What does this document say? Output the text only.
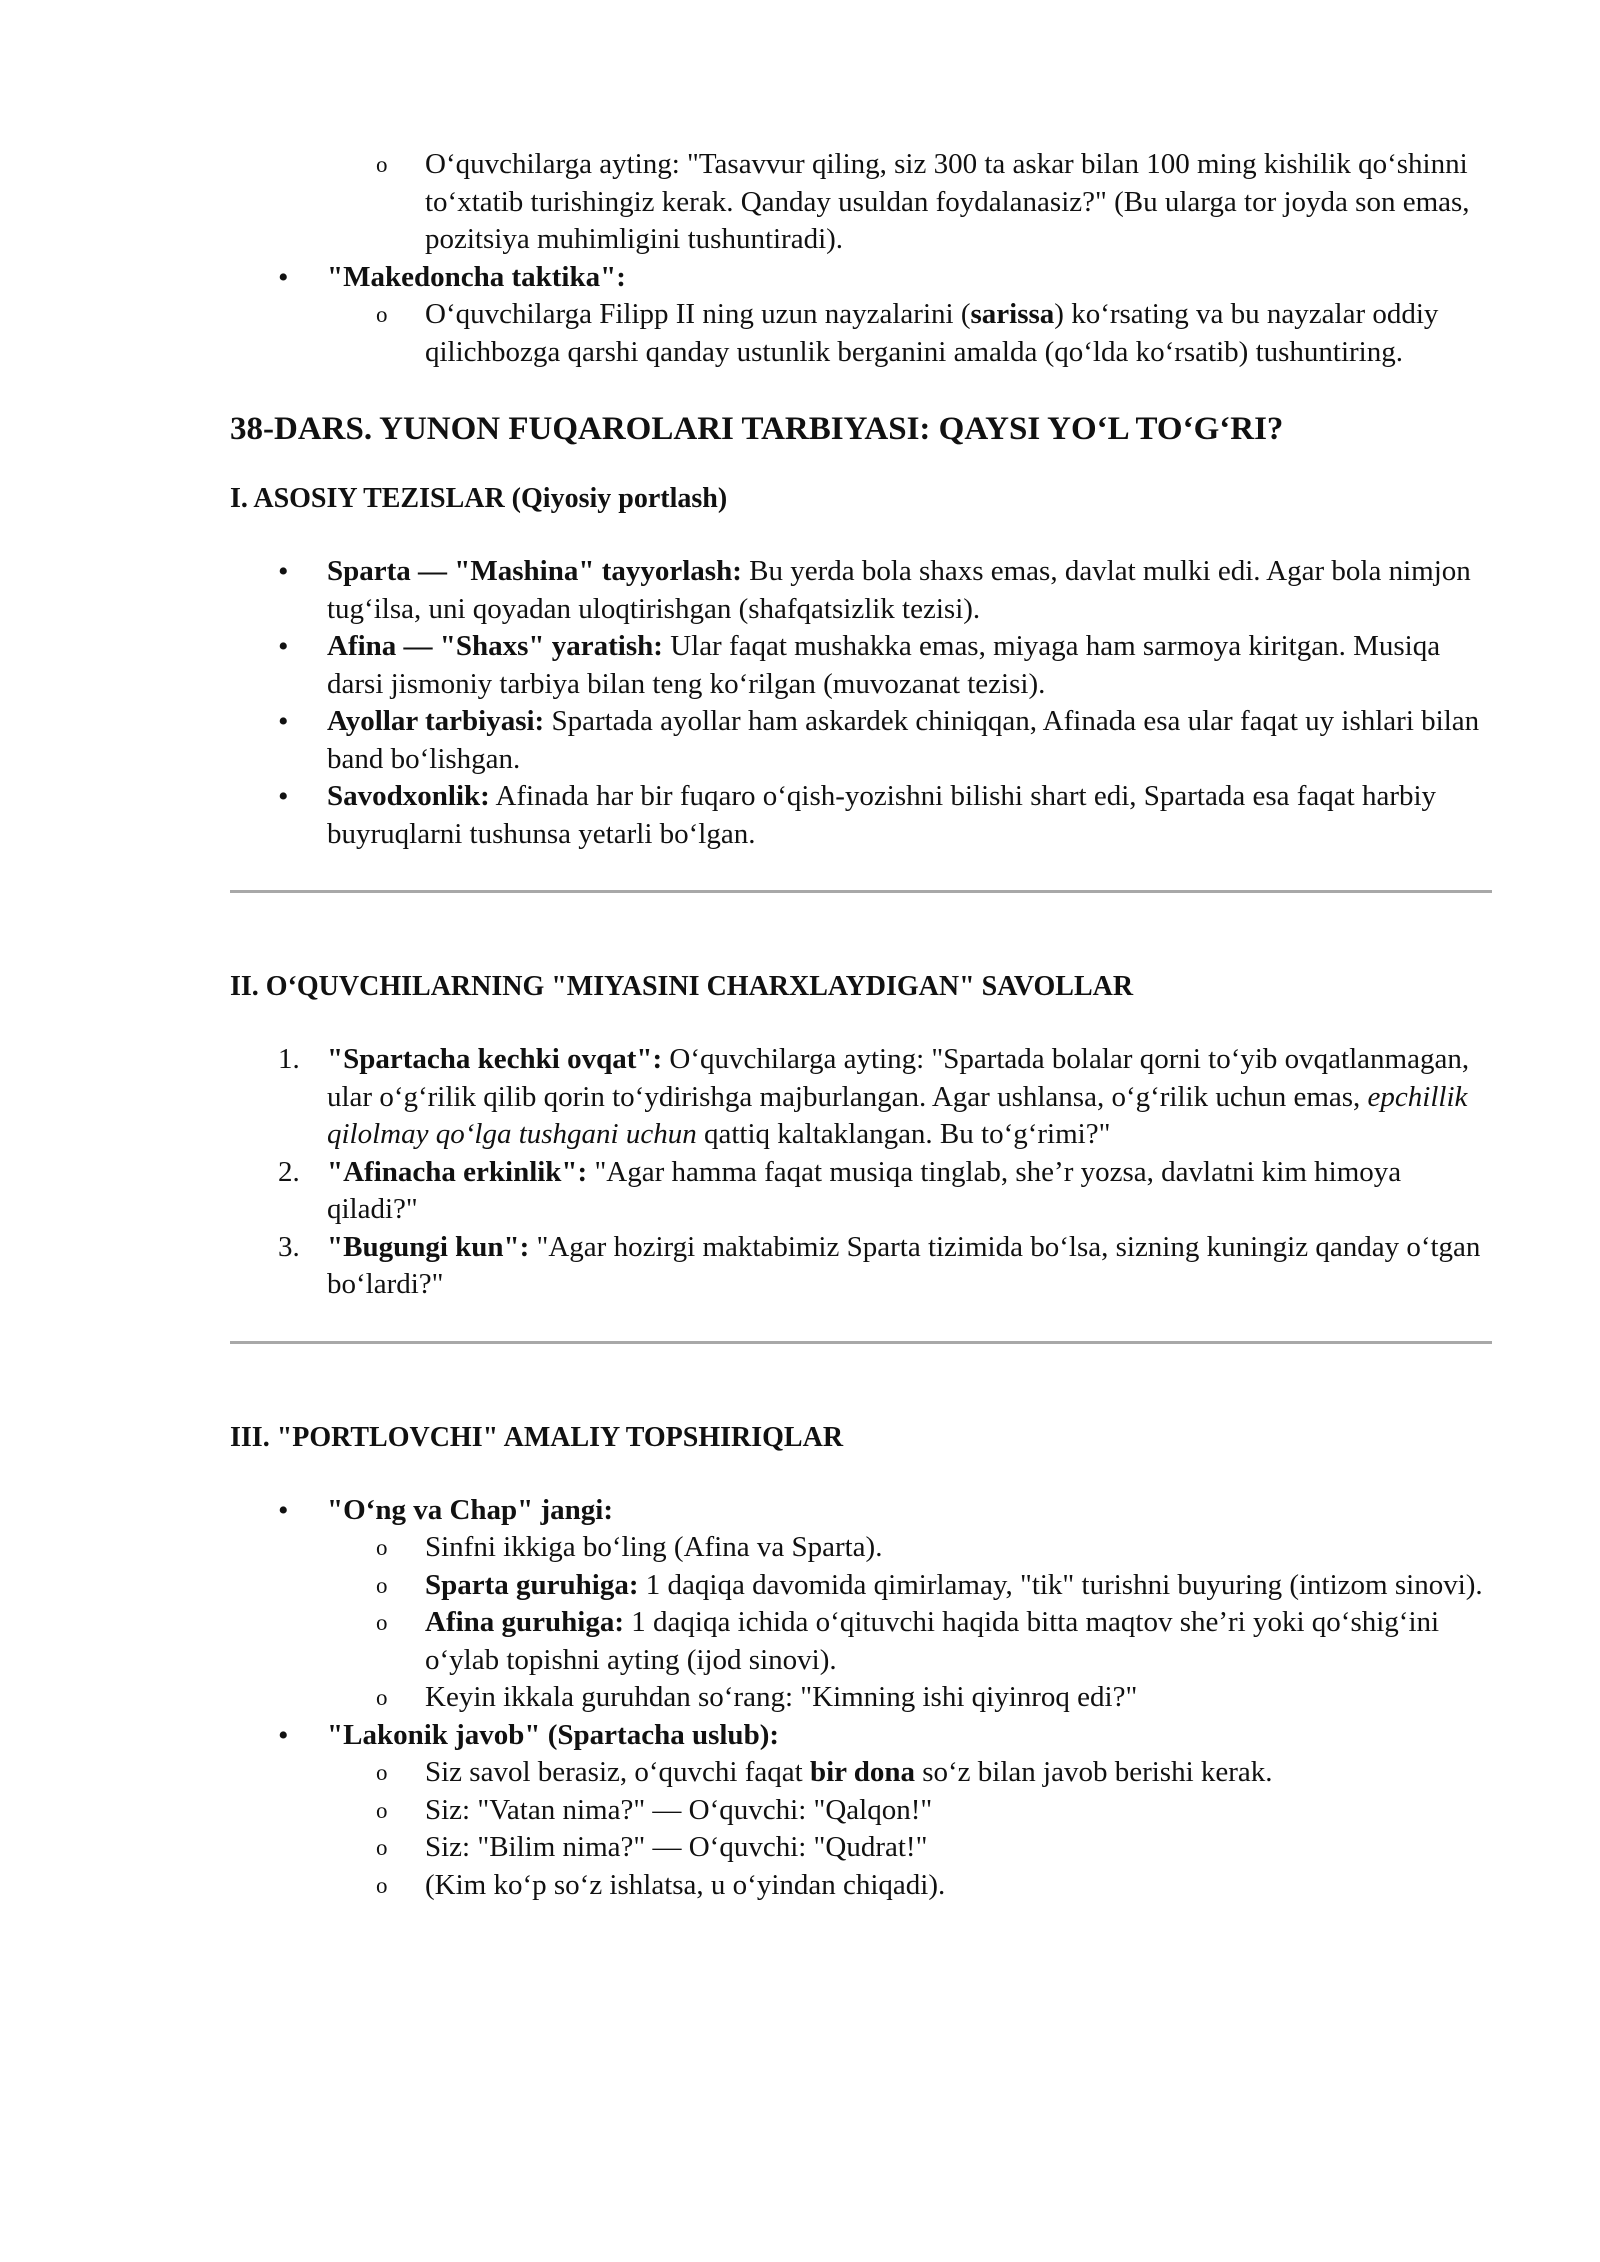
o O‘quvchilarga ayting: "Tasavvur qiling, siz 300 ta askar bilan 100 ming kishilik qo‘shinni to‘xtatib turishingiz kerak. Qanday usuldan foydalanasiz?" (Bu ularga tor joyda son emas, pozitsiya muhimligini tushuntiradi).
• "Makedoncha taktika":
o O‘quvchilarga Filipp II ning uzun nayzalarini (sarissa) ko‘rsating va bu nayzalar oddiy qilichbozga qarshi qanday ustunlik berganini amalda (qo‘lda ko‘rsatib) tushuntiring.
38-DARS. YUNON FUQAROLARI TARBIYASI: QAYSI YO‘L TO‘G‘RI?
I. ASOSIY TEZISLAR (Qiyosiy portlash)
• Sparta — "Mashina" tayyorlash: Bu yerda bola shaxs emas, davlat mulki edi. Agar bola nimjon tug‘ilsa, uni qoyadan uloqtirishgan (shafqatsizlik tezisi).
• Afina — "Shaxs" yaratish: Ular faqat mushakka emas, miyaga ham sarmoya kiritgan. Musiqa darsi jismoniy tarbiya bilan teng ko‘rilgan (muvozanat tezisi).
• Ayollar tarbiyasi: Spartada ayollar ham askardek chiniqqan, Afinada esa ular faqat uy ishlari bilan band bo‘lishgan.
• Savodxonlik: Afinada har bir fuqaro o‘qish-yozishni bilishi shart edi, Spartada esa faqat harbiy buyruqlarni tushunsa yetarli bo‘lgan.
II. O‘QUVCHILARNING "MIYASINI CHARXLAYDIGAN" SAVOLLAR
1. "Spartacha kechki ovqat": O‘quvchilarga ayting: "Spartada bolalar qorni to‘yib ovqatlanmagan, ular o‘g‘rilik qilib qorin to‘ydirishga majburlangan. Agar ushlansa, o‘g‘rilik uchun emas, epchillik qilolmay qo‘lga tushgani uchun qattiq kaltaklangan. Bu to‘g‘rimi?"
2. "Afinacha erkinlik": "Agar hamma faqat musiqa tinglab, she’r yozsa, davlatni kim himoya qiladi?"
3. "Bugungi kun": "Agar hozirgi maktabimiz Sparta tizimida bo‘lsa, sizning kuningiz qanday o‘tgan bo‘lardi?"
III. "PORTLOVCHI" AMALIY TOPSHIRIQLAR
• "O‘ng va Chap" jangi:
o Sinfni ikkiga bo‘ling (Afina va Sparta).
o Sparta guruhiga: 1 daqiqa davomida qimirlamay, "tik" turishni buyuring (intizom sinovi).
o Afina guruhiga: 1 daqiqa ichida o‘qituvchi haqida bitta maqtov she’ri yoki qo‘shig‘ini o‘ylab topishni ayting (ijod sinovi).
o Keyin ikkala guruhdan so‘rang: "Kimning ishi qiyinroq edi?"
• "Lakonik javob" (Spartacha uslub):
o Siz savol berasiz, o‘quvchi faqat bir dona so‘z bilan javob berishi kerak.
o Siz: "Vatan nima?" — O‘quvchi: "Qalqon!"
o Siz: "Bilim nima?" — O‘quvchi: "Qudrat!"
o (Kim ko‘p so‘z ishlatsa, u o‘yindan chiqadi).
